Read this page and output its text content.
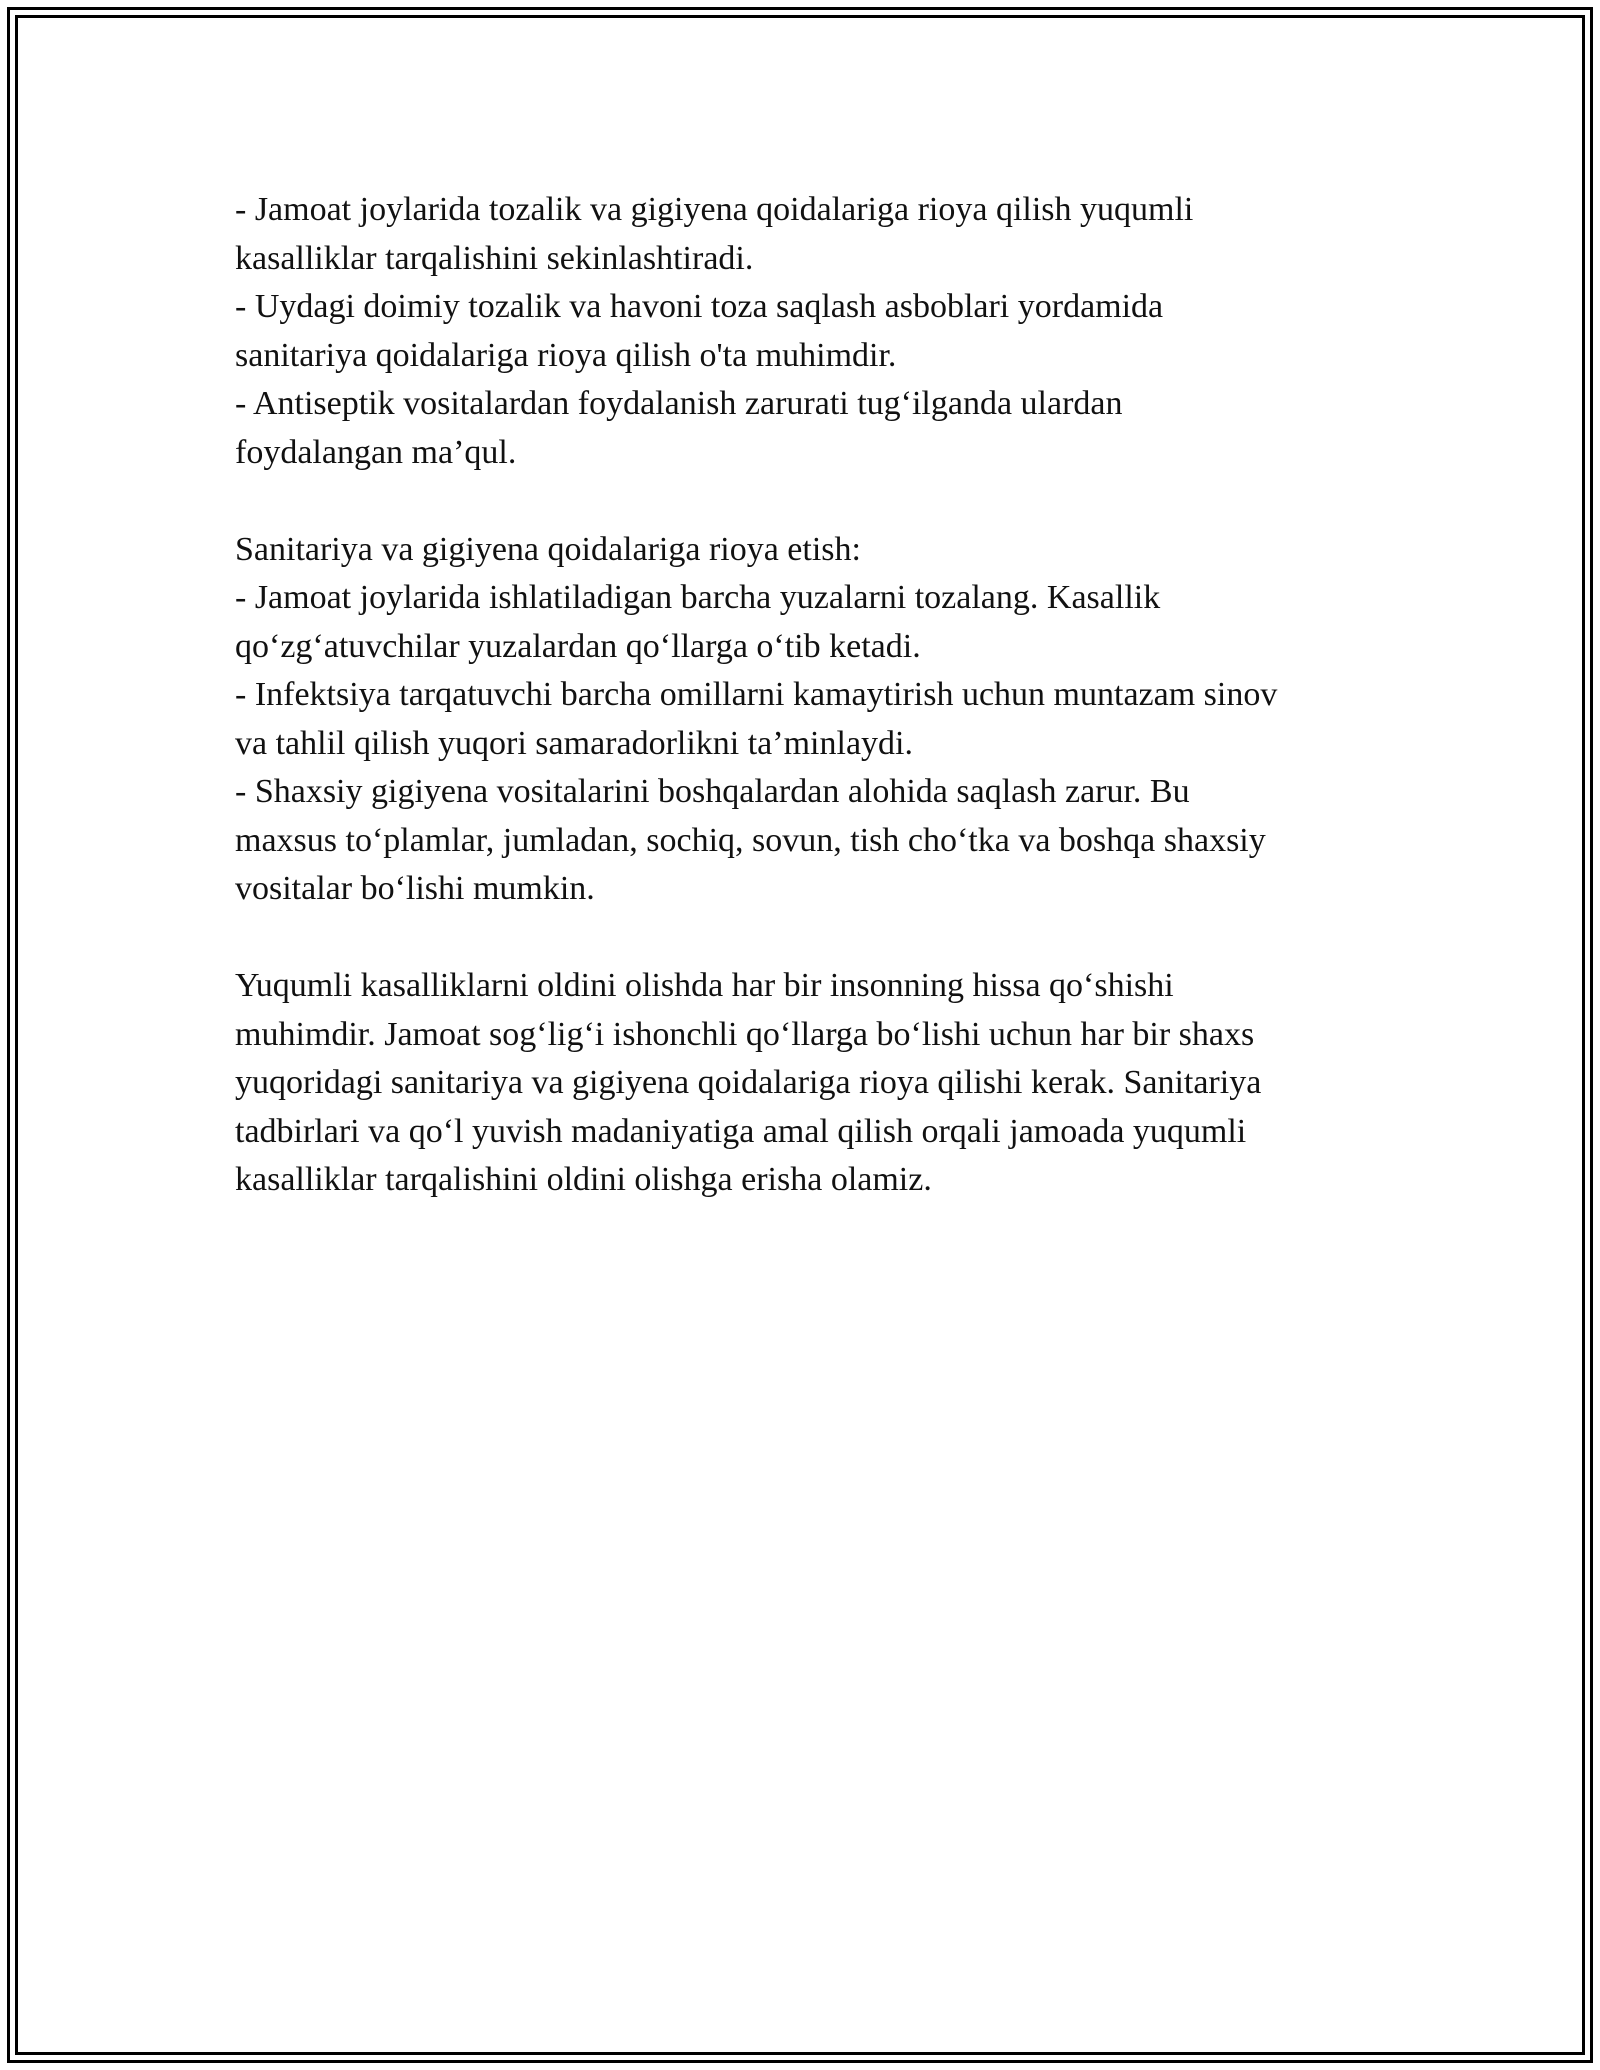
- Jamoat joylarida tozalik va gigiyena qoidalariga rioya qilish yuqumli
kasalliklar tarqalishini sekinlashtiradi.
- Uydagi doimiy tozalik va havoni toza saqlash asboblari yordamida
sanitariya qoidalariga rioya qilish o'ta muhimdir.
- Antiseptik vositalardan foydalanish zarurati tug‘ilganda ulardan
foydalangan ma’qul.
Sanitariya va gigiyena qoidalariga rioya etish:
- Jamoat joylarida ishlatiladigan barcha yuzalarni tozalang. Kasallik
qo‘zg‘atuvchilar yuzalardan qo‘llarga o‘tib ketadi.
- Infektsiya tarqatuvchi barcha omillarni kamaytirish uchun muntazam sinov
va tahlil qilish yuqori samaradorlikni ta’minlaydi.
- Shaxsiy gigiyena vositalarini boshqalardan alohida saqlash zarur. Bu
maxsus to‘plamlar, jumladan, sochiq, sovun, tish cho‘tka va boshqa shaxsiy
vositalar bo‘lishi mumkin.
Yuqumli kasalliklarni oldini olishda har bir insonning hissa qo‘shishi
muhimdir. Jamoat sog‘lig‘i ishonchli qo‘llarga bo‘lishi uchun har bir shaxs
yuqoridagi sanitariya va gigiyena qoidalariga rioya qilishi kerak. Sanitariya
tadbirlari va qo‘l yuvish madaniyatiga amal qilish orqali jamoada yuqumli
kasalliklar tarqalishini oldini olishga erisha olamiz.
